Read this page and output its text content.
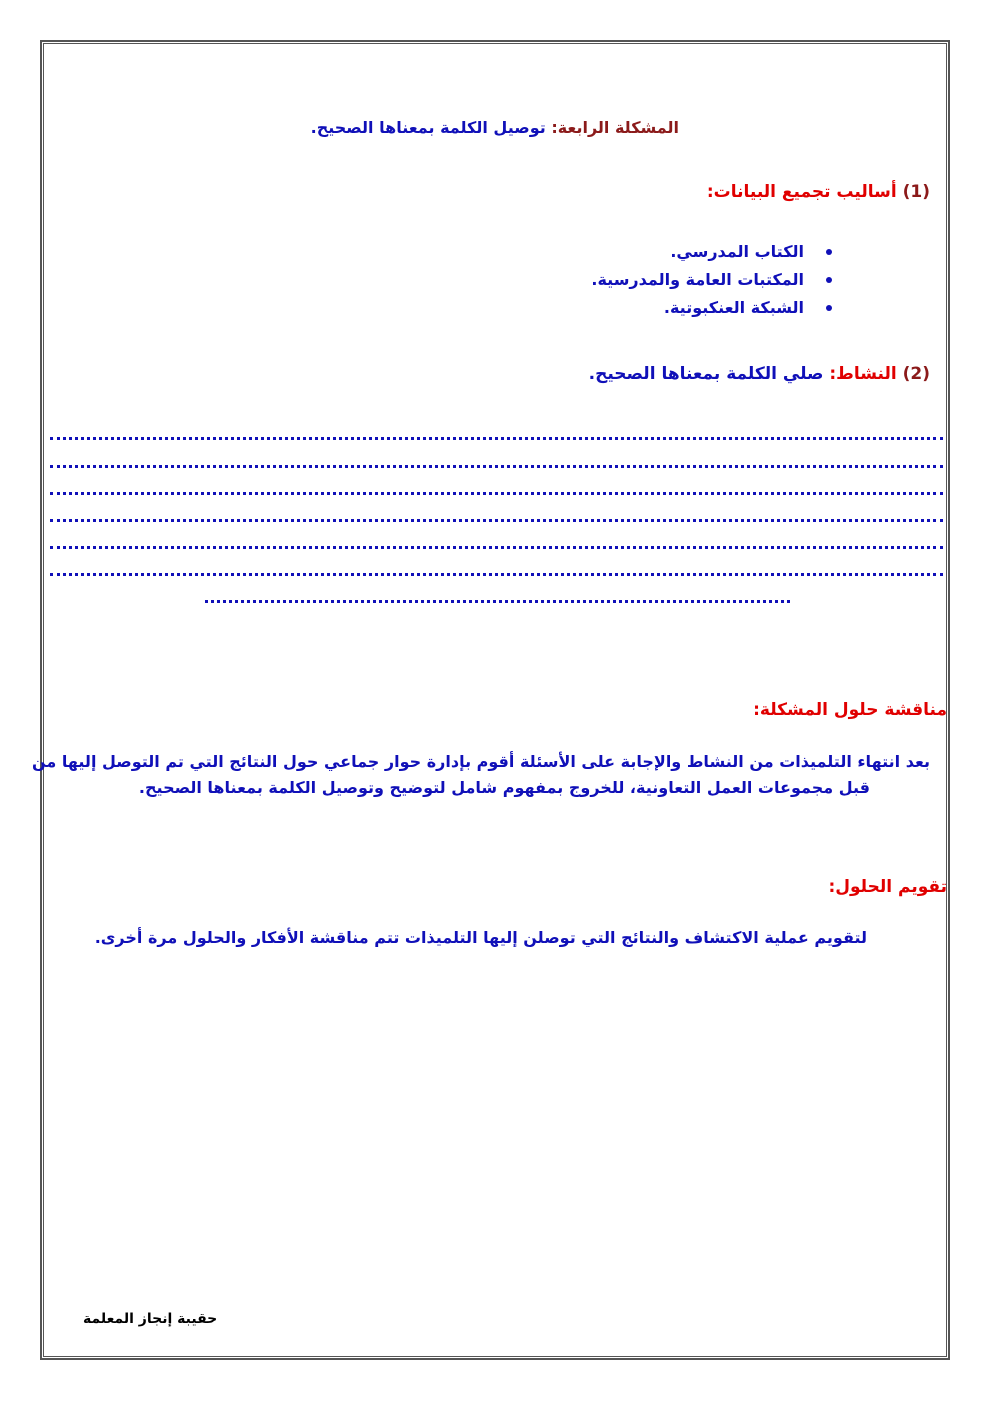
المشكلة الرابعة: توصيل الكلمة بمعناها الصحيح.
(1) أساليب تجميع البيانات:
الكتاب المدرسي.
المكتبات العامة والمدرسية.
الشبكة العنكبوتية.
(2) النشاط: صلي الكلمة بمعناها الصحيح.
مناقشة حلول المشكلة:
بعد انتهاء التلميذات من النشاط والإجابة على الأسئلة أقوم بإدارة حوار جماعي حول النتائج التي تم التوصل إليها من
قبل مجموعات العمل التعاونية، للخروج بمفهوم شامل لتوضيح وتوصيل الكلمة بمعناها الصحيح.
تقويم الحلول:
لتقويم عملية الاكتشاف والنتائج التي توصلن إليها التلميذات تتم مناقشة الأفكار والحلول مرة أخرى.
حقيبة إنجاز المعلمة
